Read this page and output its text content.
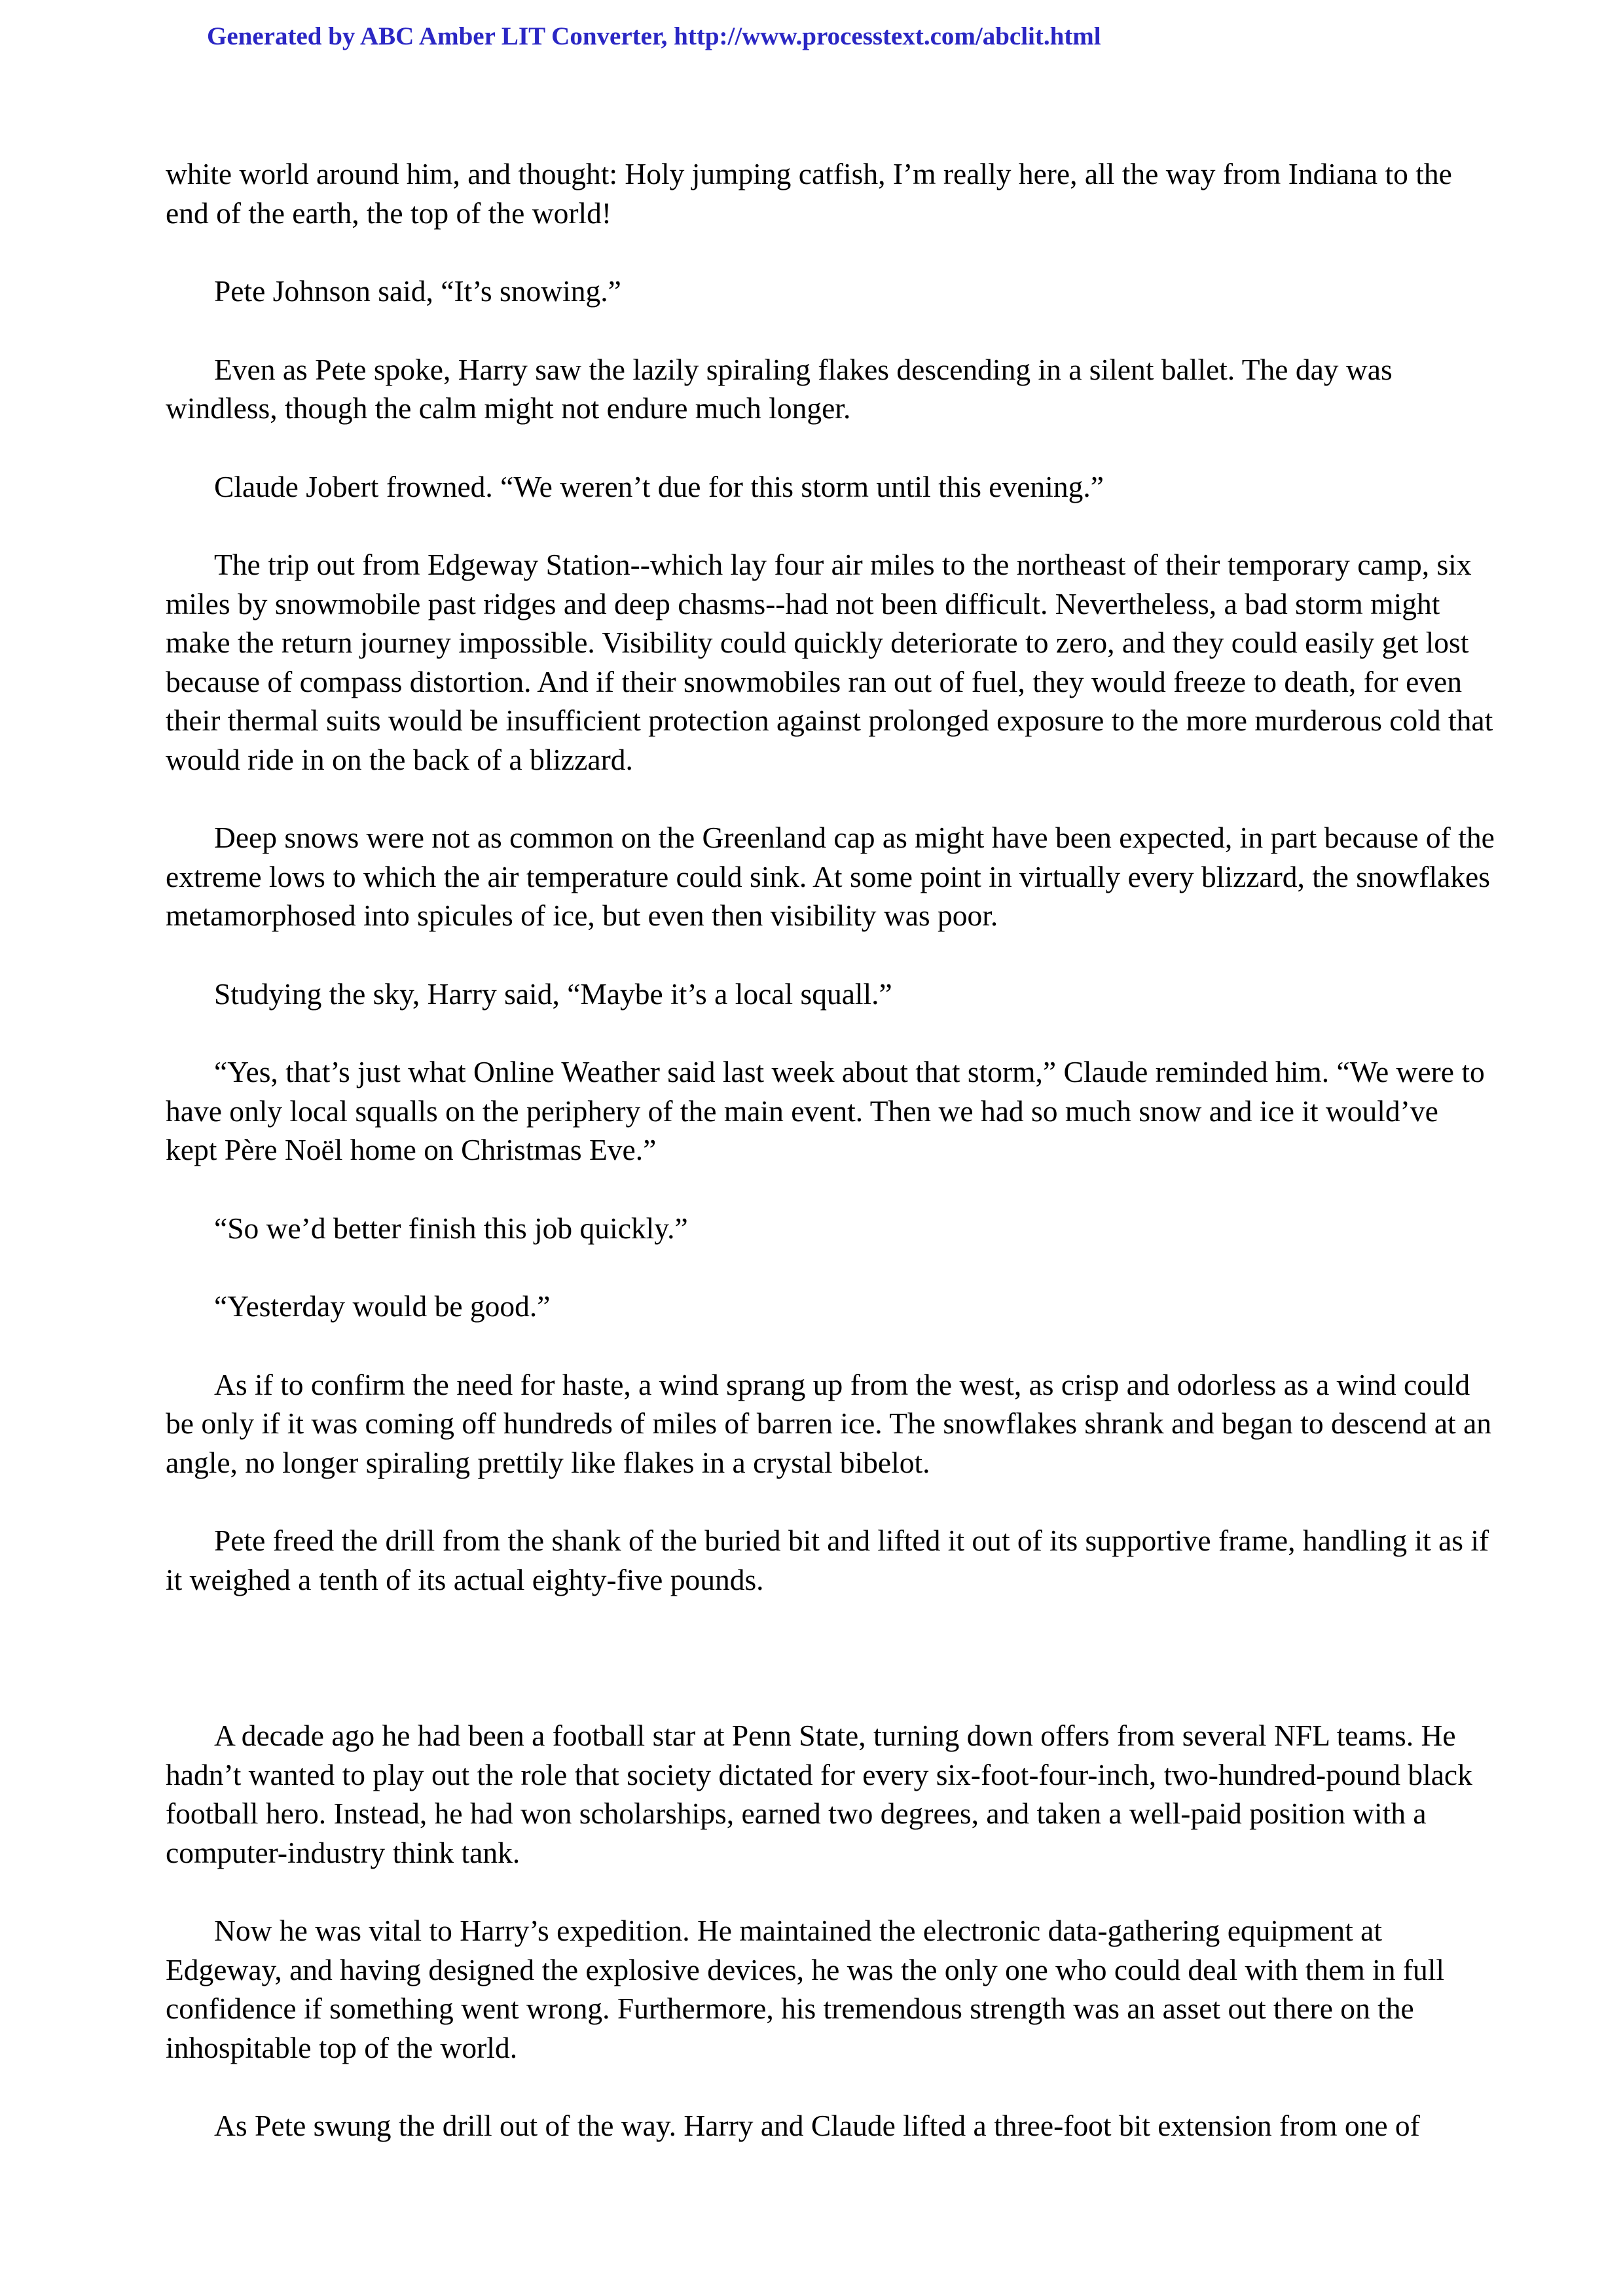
Generated by ABC Amber LIT Converter, http://www.processtext.com/abclit.html

white world around him, and thought: Holy jumping catfish, I’m really here, all the way from Indiana to the end of the earth, the top of the world!

Pete Johnson said, “It’s snowing.”

Even as Pete spoke, Harry saw the lazily spiraling flakes descending in a silent ballet. The day was windless, though the calm might not endure much longer.

Claude Jobert frowned. “We weren’t due for this storm until this evening.”

The trip out from Edgeway Station--which lay four air miles to the northeast of their temporary camp, six miles by snowmobile past ridges and deep chasms--had not been difficult. Nevertheless, a bad storm might make the return journey impossible. Visibility could quickly deteriorate to zero, and they could easily get lost because of compass distortion. And if their snowmobiles ran out of fuel, they would freeze to death, for even their thermal suits would be insufficient protection against prolonged exposure to the more murderous cold that would ride in on the back of a blizzard.

Deep snows were not as common on the Greenland cap as might have been expected, in part because of the extreme lows to which the air temperature could sink. At some point in virtually every blizzard, the snowflakes metamorphosed into spicules of ice, but even then visibility was poor.

Studying the sky, Harry said, “Maybe it’s a local squall.”

“Yes, that’s just what Online Weather said last week about that storm,” Claude reminded him. “We were to have only local squalls on the periphery of the main event. Then we had so much snow and ice it would’ve kept Père Noël home on Christmas Eve.”

“So we’d better finish this job quickly.”

“Yesterday would be good.”

As if to confirm the need for haste, a wind sprang up from the west, as crisp and odorless as a wind could be only if it was coming off hundreds of miles of barren ice. The snowflakes shrank and began to descend at an angle, no longer spiraling prettily like flakes in a crystal bibelot.

Pete freed the drill from the shank of the buried bit and lifted it out of its supportive frame, handling it as if it weighed a tenth of its actual eighty-five pounds.

A decade ago he had been a football star at Penn State, turning down offers from several NFL teams. He hadn’t wanted to play out the role that society dictated for every six-foot-four-inch, two-hundred-pound black football hero. Instead, he had won scholarships, earned two degrees, and taken a well-paid position with a computer-industry think tank.

Now he was vital to Harry’s expedition. He maintained the electronic data-gathering equipment at Edgeway, and having designed the explosive devices, he was the only one who could deal with them in full confidence if something went wrong. Furthermore, his tremendous strength was an asset out there on the inhospitable top of the world.

As Pete swung the drill out of the way. Harry and Claude lifted a three-foot bit extension from one of
